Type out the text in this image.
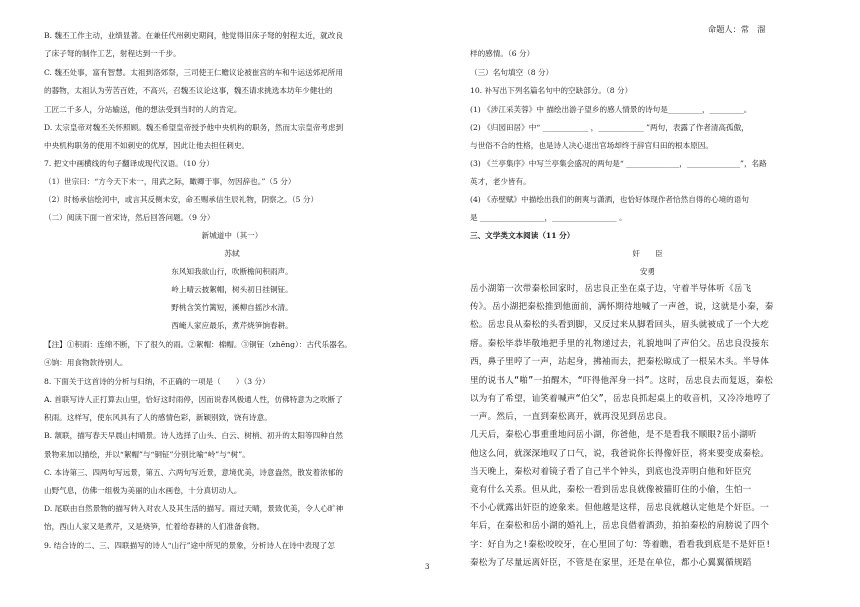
命题人：常　溜
B. 魏丕工作主动，业绩显著。在兼任代州刺史期间，他觉得旧床子弩的射程太近，就改良
了床子弩的制作工艺，射程达到一千步。
C. 魏丕处事，富有智慧。太祖到洛郊祭，三司使王仁赡议论被崔宫的车和牛运送郊祀所用
的器物，太祖认为劳苦百姓，不高兴，召魏丕议论这事，魏丕请求挑选本坊年少健壮的
工匠二千多人，分站输送，他的想法受到当时的人的肯定。
D. 太宗皇帝对魏丕关怀照顾。魏丕希望皇帝授予他中央机构的职务，然而太宗皇帝考虑到
中央机构职务的使用不如刺史的优厚，因此让他去担任刺史。
7. 把文中画横线的句子翻译成现代汉语。（10 分）
（1）世宗曰：“方今天下未一，用武之际，瞰卿于事，勿因辞也。”（5 分）
（2）时杨承信绘河中，或言其反侧未安，命丕赐承信生辰礼物，阴察之。（5 分）
（二）阅读下面一首宋诗，然后回答问题。（9 分）
新城道中（其一）
苏轼
东风知我欲山行，吹断檐间积雨声。
岭上晴云披絮帽，树头初日挂铜钲。
野桃含笑竹篱短，溪柳自摇沙水清。
西崦人家应最乐，煮芹烧笋饷春耕。
【注】①积雨：连绵不断，下了很久的雨。②絮帽：棉帽。③铜钲（zhēng）：古代乐器名。
④饷：用食物款待别人。
8. 下面关于这首诗的分析与归纳，不正确的一项是（　　）（3 分）
A. 首联写诗人正打算去山里，恰好这时雨停，因而说春风极通人性，仿佛特意为之吹断了
积雨。这样写，使东风具有了人的感情色彩，新颖别致，饶有诗意。
B. 颔联，描写春天早晨山村晴景。诗人选择了山头、白云、树梢、初升的太阳等四种自然
景物来加以描绘，并以“絮帽”与“铜钲”分别比喻“岭”与“树”。
C. 本诗第三、四两句写远景，第五、六两句写近景，意境优美，诗意盎然，散发着浓郁的
山野气息，仿佛一组极为美丽的山水画卷，十分真切动人。
D. 尾联由自然景物的描写转入对农人及其生活的描写。雨过天晴，景致优美，令人心旷神
怡，西山人家又是煮芹，又是烧笋，忙着给春耕的人们准备食物。
9. 结合诗的二、三、四联描写的诗人“山行”途中所见的景象，分析诗人在诗中表现了怎
样的感情。（6 分）
（三）名句填空（8 分）
10. 补写出下列名篇名句中的空缺部分。（8 分）
(1) 《涉江采芙蓉》中 描绘出游子望乡的感人情景的诗句是_________，_________。
(2) 《归园田居》中“ ____________ ，____________ ”两句，表露了作者清高孤傲，
与世俗不合的性格，也是诗人决心退出官场却终于辞官归田的根本原因。
(3) 《兰亭集序》中写兰亭集会盛况的两句是“ ______________，______________”，名路
英才，老少皆有。
(4) 《赤壁赋》中描绘出我们的朗爽与潇洒，也恰好体现作者恰然自得的心境的语句
是 _________________，_________________ 。
三、文学类文本阅读（11 分）
奸　　臣
安勇
岳小湖第一次带秦松回家时，岳忠良正坐在桌子边，守着半导体听《岳飞
传》。岳小湖把秦松推到他面前，满怀期待地喊了一声爸，说，这就是小秦，秦
松。岳忠良从秦松的头看到脚，又反过来从脚看回头，眉头就被成了一个大疙
瘩。秦松毕恭毕敬地把手里的礼物递过去，礼貌地叫了声伯父。岳忠良没接东
西，鼻子里哼了一声，站起身，拂袖而去，把秦松晾成了一根呆木头。半导体
里的说书人“啪”一拍醒木，“吓得他浑身一抖”。这时，岳忠良去而复返，秦松
以为有了希望，讪笑着喊声“伯父”，岳忠良抓起桌上的收音机，又冷冷地哼了
一声。然后，一直到秦松离开，就再没见到岳忠良。
几天后，秦松心事重重地问岳小湖，你爸他，是不是看我不顺眼?岳小湖听
他这么问，就深深地叹了口气，说，我爸说你长得像奸臣，将来要变成秦桧。
当天晚上，秦松对着镜子看了自己半个钟头，到底也没弄明白他和奸臣究
竟有什么关系。但从此，秦松一看到岳忠良就像被猫盯住的小偷，生怕一
不小心就露出奸臣的迹象来。但他越是这样，岳忠良就越认定他是个奸臣。一
年后，在秦松和岳小湖的婚礼上，岳忠良借着酒劲，拍拍秦松的肩膀说了四个
字：好自为之!秦松咬咬牙，在心里回了句：等着瞧，看看我到底是不是奸臣!
秦松为了尽量远离奸臣，不管是在家里，还是在单位，都小心翼翼循规蹈
3
